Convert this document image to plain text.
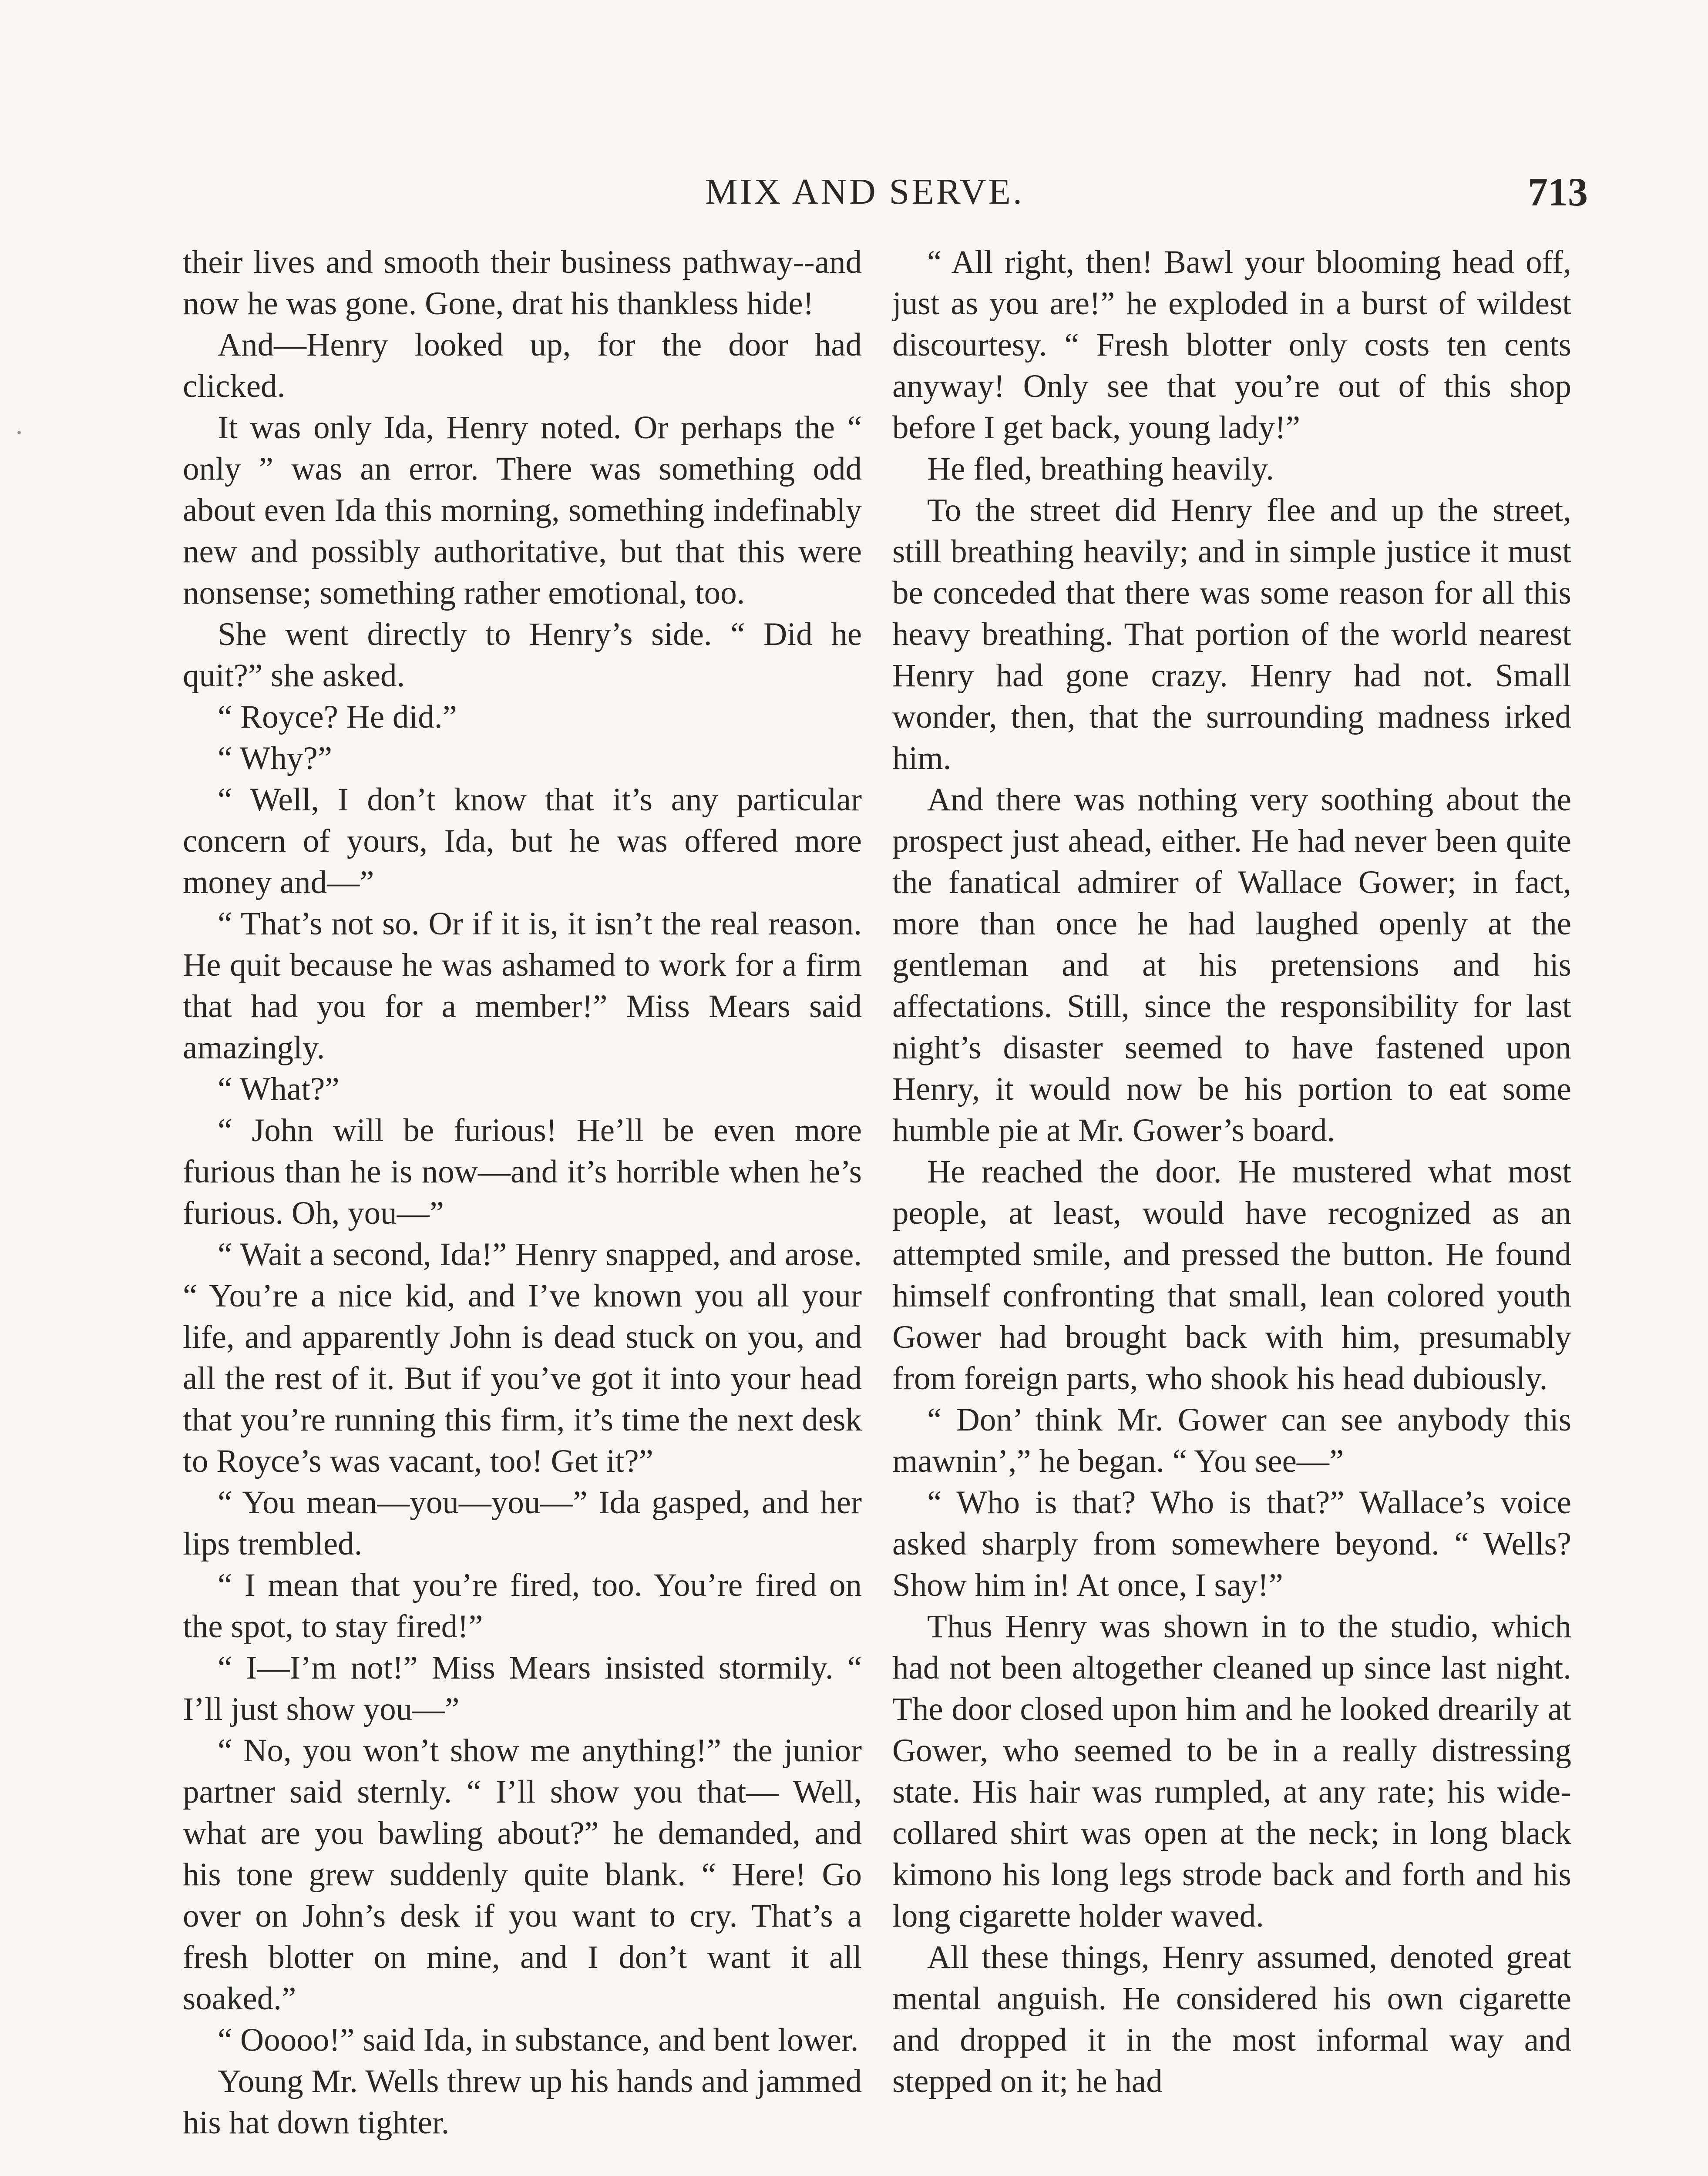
MIX AND SERVE.	713

their lives and smooth their business pathway--and now he was gone. Gone, drat his thankless hide!

And—Henry looked up, for the door had clicked.

It was only Ida, Henry noted. Or perhaps the “ only ” was an error. There was something odd about even Ida this morning, something indefinably new and possibly authoritative, but that this were nonsense; something rather emotional, too.

She went directly to Henry’s side. “ Did he quit?” she asked.

“ Royce? He did.”

“ Why?”

“ Well, I don’t know that it’s any particular concern of yours, Ida, but he was offered more money and—”

“ That’s not so. Or if it is, it isn’t the real reason. He quit because he was ashamed to work for a firm that had you for a member!” Miss Mears said amazingly.

“ What?”

“ John will be furious! He’ll be even more furious than he is now—and it’s horrible when he’s furious. Oh, you—”

“ Wait a second, Ida!” Henry snapped, and arose. “ You’re a nice kid, and I’ve known you all your life, and apparently John is dead stuck on you, and all the rest of it. But if you’ve got it into your head that you’re running this firm, it’s time the next desk to Royce’s was vacant, too! Get it?”

“ You mean—you—you—” Ida gasped, and her lips trembled.

“ I mean that you’re fired, too. You’re fired on the spot, to stay fired!”

“ I—I’m not!” Miss Mears insisted stormily. “ I’ll just show you—”

“ No, you won’t show me anything!” the junior partner said sternly. “ I’ll show you that— Well, what are you bawling about?” he demanded, and his tone grew suddenly quite blank. “ Here! Go over on John’s desk if you want to cry. That’s a fresh blotter on mine, and I don’t want it all soaked.”

“ Ooooo!” said Ida, in substance, and bent lower.

Young Mr. Wells threw up his hands and jammed his hat down tighter.

“ All right, then! Bawl your blooming head off, just as you are!” he exploded in a burst of wildest discourtesy. “ Fresh blotter only costs ten cents anyway! Only see that you’re out of this shop before I get back, young lady!”

He fled, breathing heavily.

To the street did Henry flee and up the street, still breathing heavily; and in simple justice it must be conceded that there was some reason for all this heavy breathing. That portion of the world nearest Henry had gone crazy. Henry had not. Small wonder, then, that the surrounding madness irked him.

And there was nothing very soothing about the prospect just ahead, either. He had never been quite the fanatical admirer of Wallace Gower; in fact, more than once he had laughed openly at the gentleman and at his pretensions and his affectations. Still, since the responsibility for last night’s disaster seemed to have fastened upon Henry, it would now be his portion to eat some humble pie at Mr. Gower’s board.

He reached the door. He mustered what most people, at least, would have recognized as an attempted smile, and pressed the button. He found himself confronting that small, lean colored youth Gower had brought back with him, presumably from foreign parts, who shook his head dubiously.

“ Don’ think Mr. Gower can see anybody this mawnin’,” he began. “ You see—”

“ Who is that? Who is that?” Wallace’s voice asked sharply from somewhere beyond. “ Wells? Show him in! At once, I say!”

Thus Henry was shown in to the studio, which had not been altogether cleaned up since last night. The door closed upon him and he looked drearily at Gower, who seemed to be in a really distressing state. His hair was rumpled, at any rate; his wide-collared shirt was open at the neck; in long black kimono his long legs strode back and forth and his long cigarette holder waved.

All these things, Henry assumed, denoted great mental anguish. He considered his own cigarette and dropped it in the most informal way and stepped on it; he had
